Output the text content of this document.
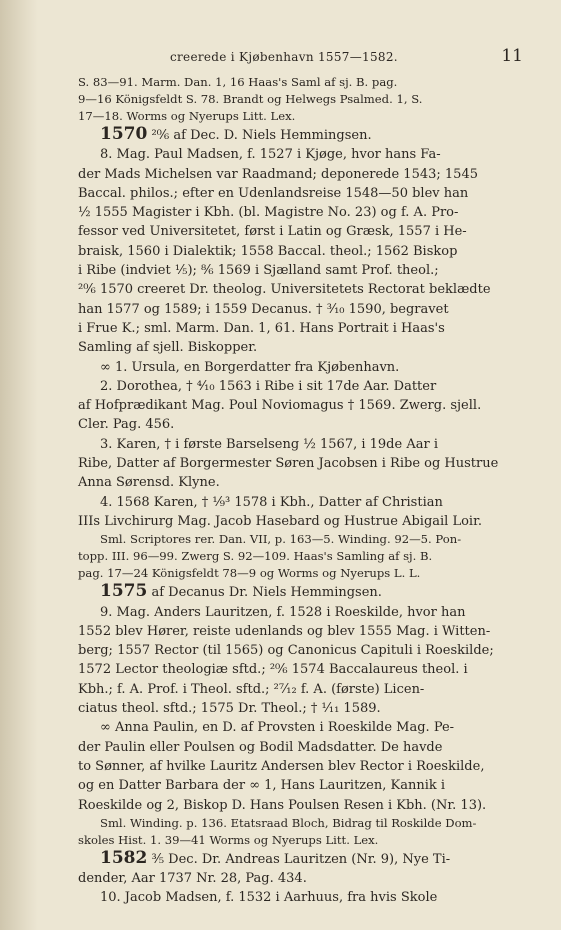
creerede i Kjøbenhavn 1557—1582.	11

S. 83—91. Marm. Dan. 1, 16 Haas's Saml af sj. B. pag.

9—16 Königsfeldt S. 78. Brandt og Helwegs Psalmed. 1, S.

17—18. Worms og Nyerups Litt. Lex.

1570 ²⁰⁄₆ af Dec. D. Niels Hemmingsen.

8. Mag. Paul Madsen, f. 1527 i Kjøge, hvor hans Fa-

der Mads Michelsen var Raadmand; deponerede 1543; 1545

Baccal. philos.; efter en Udenlandsreise 1548—50 blev han

½ 1555 Magister i Kbh. (bl. Magistre No. 23) og f. A. Pro-

fessor ved Universitetet, først i Latin og Græsk, 1557 i He-

braisk, 1560 i Dialektik; 1558 Baccal. theol.; 1562 Biskop

i Ribe (indviet ¹⁄₅); ⁸⁄₆ 1569 i Sjælland samt Prof. theol.;

²⁰⁄₆ 1570 creeret Dr. theolog. Universitetets Rectorat beklædte

han 1577 og 1589; i 1559 Decanus. † ³⁄₁₀ 1590, begravet

i Frue K.; sml. Marm. Dan. 1, 61. Hans Portrait i Haas's

Samling af sjell. Biskopper.

∞ 1. Ursula, en Borgerdatter fra Kjøbenhavn.

2. Dorothea, † ⁴⁄₁₀ 1563 i Ribe i sit 17de Aar. Datter

af Hofprædikant Mag. Poul Noviomagus † 1569. Zwerg. sjell.

Cler. Pag. 456.

3. Karen, † i første Barselseng ½ 1567, i 19de Aar i

Ribe, Datter af Borgermester Søren Jacobsen i Ribe og Hustrue

Anna Sørensd. Klyne.

4. 1568 Karen, † ¹⁄₉³ 1578 i Kbh., Datter af Christian

IIIs Livchirurg Mag. Jacob Hasebard og Hustrue Abigail Loir.

Sml. Scriptores rer. Dan. VII, p. 163—5. Winding. 92—5. Pon-

topp. III. 96—99. Zwerg S. 92—109. Haas's Samling af sj. B.

pag. 17—24 Königsfeldt 78—9 og Worms og Nyerups L. L.

1575 af Decanus Dr. Niels Hemmingsen.

9. Mag. Anders Lauritzen, f. 1528 i Roeskilde, hvor han

1552 blev Hører, reiste udenlands og blev 1555 Mag. i Witten-

berg; 1557 Rector (til 1565) og Canonicus Capituli i Roeskilde;

1572 Lector theologiæ sftd.; ²⁰⁄₆ 1574 Baccalaureus theol. i

Kbh.; f. A. Prof. i Theol. sftd.; ²⁷⁄₁₂ f. A. (første) Licen-

ciatus theol. sftd.; 1575 Dr. Theol.; † ¹⁄₁₁ 1589.

∞ Anna Paulin, en D. af Provsten i Roeskilde Mag. Pe-

der Paulin eller Poulsen og Bodil Madsdatter. De havde

to Sønner, af hvilke Lauritz Andersen blev Rector i Roeskilde,

og en Datter Barbara der ∞ 1, Hans Lauritzen, Kannik i

Roeskilde og 2, Biskop D. Hans Poulsen Resen i Kbh. (Nr. 13).

Sml. Winding. p. 136. Etatsraad Bloch, Bidrag til Roskilde Dom-

skoles Hist. 1. 39—41 Worms og Nyerups Litt. Lex.

1582 ³⁄₅ Dec. Dr. Andreas Lauritzen (Nr. 9), Nye Ti-

dender, Aar 1737 Nr. 28, Pag. 434.

10. Jacob Madsen, f. 1532 i Aarhuus, fra hvis Skole
